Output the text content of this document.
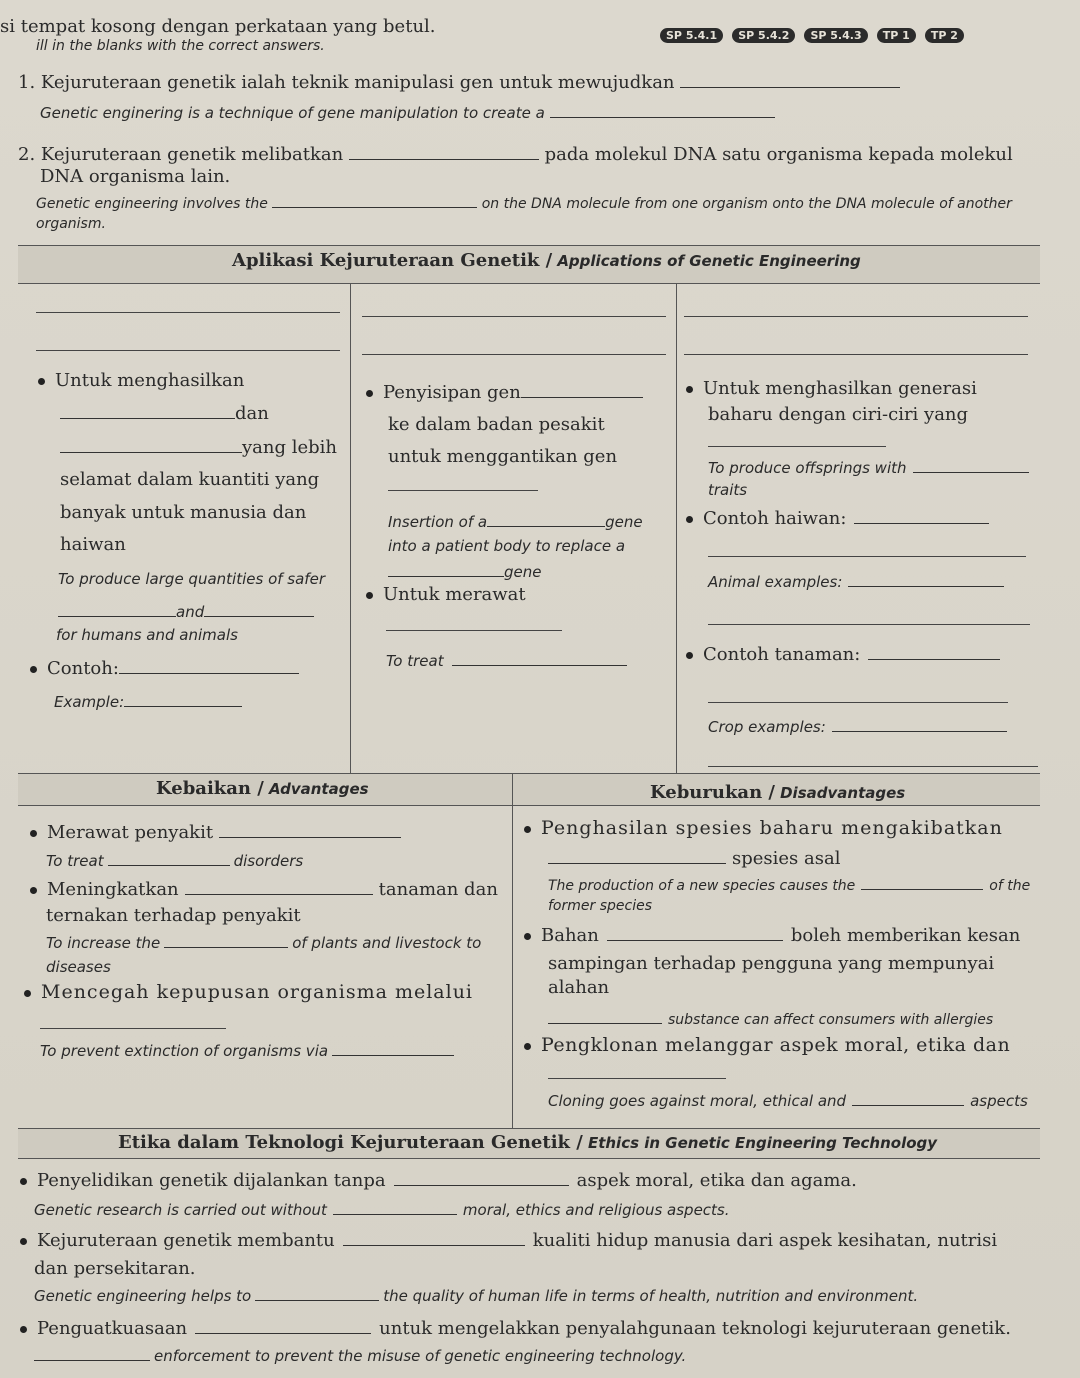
si tempat kosong dengan perkataan yang betul.
ill in the blanks with the correct answers.
SP 5.4.1 SP 5.4.2 SP 5.4.3 TP 1 TP 2
1. Kejuruteraan genetik ialah teknik manipulasi gen untuk mewujudkan
Genetic enginering is a technique of gene manipulation to create a
2. Kejuruteraan genetik melibatkan	pada molekul DNA satu organisma kepada molekul
DNA organisma lain.
Genetic engineering involves the	on the DNA molecule from one organism onto the DNA molecule of another
organism.
Aplikasi Kejuruteraan Genetik / Applications of Genetic Engineering
Untuk menghasilkan
dan
yang lebih
selamat dalam kuantiti yang
banyak untuk manusia dan
haiwan
To produce large quantities of safer
and
for humans and animals
Contoh:
Example:
Penyisipan gen
ke dalam badan pesakit
untuk menggantikan gen
Insertion of a	gene
into a patient body to replace a
gene
Untuk merawat
To treat
Untuk menghasilkan generasi
baharu dengan ciri-ciri yang
To produce offsprings with
traits
Contoh haiwan:
Animal examples:
Contoh tanaman:
Crop examples:
Kebaikan / Advantages	Keburukan / Disadvantages
Merawat penyakit
To treat	disorders
Meningkatkan	tanaman dan
ternakan terhadap penyakit
To increase the	of plants and livestock to
diseases
Mencegah kepupusan organisma melalui
To prevent extinction of organisms via
Penghasilan spesies baharu mengakibatkan
spesies asal
The production of a new species causes the	of the
former species
Bahan	boleh memberikan kesan
sampingan terhadap pengguna yang mempunyai
alahan
substance can affect consumers with allergies
Pengklonan melanggar aspek moral, etika dan
Cloning goes against moral, ethical and	aspects
Etika dalam Teknologi Kejuruteraan Genetik / Ethics in Genetic Engineering Technology
Penyelidikan genetik dijalankan tanpa	aspek moral, etika dan agama.
Genetic research is carried out without	moral, ethics and religious aspects.
Kejuruteraan genetik membantu	kualiti hidup manusia dari aspek kesihatan, nutrisi
dan persekitaran.
Genetic engineering helps to	the quality of human life in terms of health, nutrition and environment.
Penguatkuasaan	untuk mengelakkan penyalahgunaan teknologi kejuruteraan genetik.
enforcement to prevent the misuse of genetic engineering technology.
